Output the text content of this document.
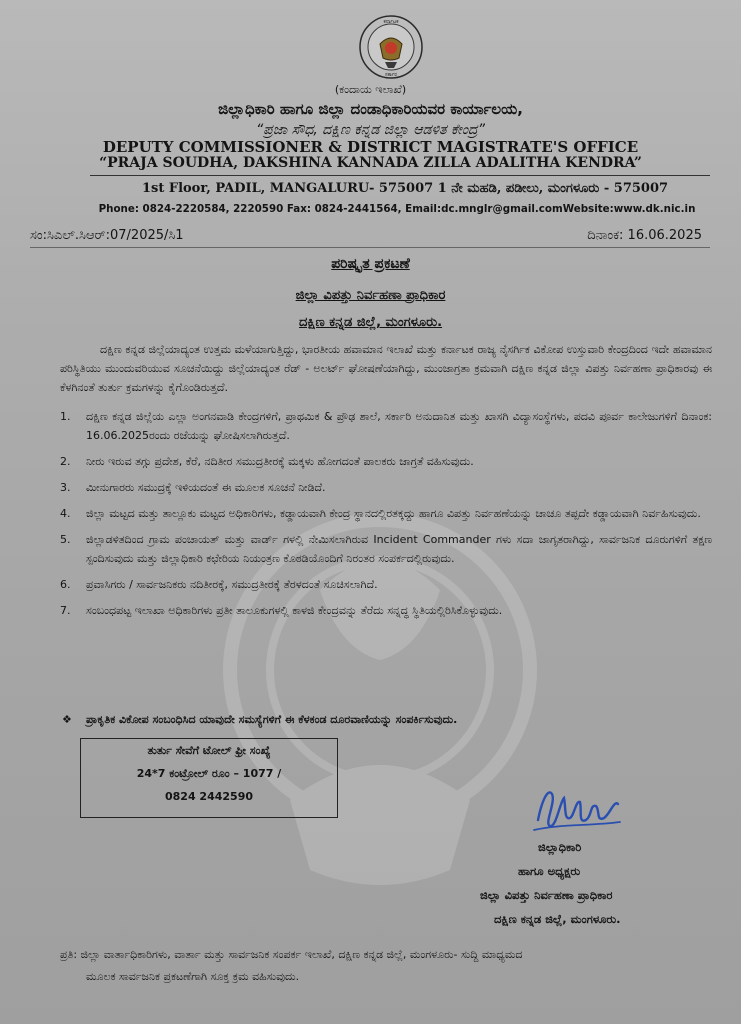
ಕರ್ನಾಟಕ
ಸರ್ಕಾರ
(ಕಂದಾಯ ಇಲಾಖೆ)
ಜಿಲ್ಲಾಧಿಕಾರಿ ಹಾಗೂ ಜಿಲ್ಲಾ ದಂಡಾಧಿಕಾರಿಯವರ ಕಾರ್ಯಾಲಯ,
“ಪ್ರಜಾ ಸೌಧ, ದಕ್ಷಿಣ ಕನ್ನಡ ಜಿಲ್ಲಾ ಆಡಳಿತ ಕೇಂದ್ರ”
DEPUTY COMMISSIONER & DISTRICT MAGISTRATE'S OFFICE
“PRAJA SOUDHA, DAKSHINA KANNADA ZILLA ADALITHA KENDRA”
1st Floor, PADIL, MANGALURU- 575007 1 ನೇ ಮಹಡಿ, ಪಡೀಲು, ಮಂಗಳೂರು - 575007
Phone: 0824-2220584, 2220590 Fax: 0824-2441564, Email:dc.mnglr@gmail.comWebsite:www.dk.nic.in
ಸಂ:ಸಿಎಲ್.ಸಿಆರ್:07/2025/ಸಿ1	ದಿನಾಂಕ: 16.06.2025
ಪರಿಷ್ಕೃತ ಪ್ರಕಟಣೆ
ಜಿಲ್ಲಾ ವಿಪತ್ತು ನಿರ್ವಹಣಾ ಪ್ರಾಧಿಕಾರ
ದಕ್ಷಿಣ ಕನ್ನಡ ಜಿಲ್ಲೆ, ಮಂಗಳೂರು.
ದಕ್ಷಿಣ ಕನ್ನಡ ಜಿಲ್ಲೆಯಾದ್ಯಂತ ಉತ್ತಮ ಮಳೆಯಾಗುತ್ತಿದ್ದು, ಭಾರತೀಯ ಹವಾಮಾನ ಇಲಾಖೆ ಮತ್ತು ಕರ್ನಾಟಕ ರಾಜ್ಯ ನೈಸರ್ಗಿಕ ವಿಕೋಪ ಉಸ್ತುವಾರಿ ಕೇಂದ್ರದಿಂದ ಇದೇ ಹವಾಮಾನ ಪರಿಸ್ಥಿತಿಯು ಮುಂದುವರಿಯುವ ಸೂಚನೆಯಿದ್ದು ಜಿಲ್ಲೆಯಾದ್ಯಂತ ರೆಡ್ - ಅಲರ್ಟ್ ಘೋಷಣೆಯಾಗಿದ್ದು, ಮುಂಜಾಗ್ರತಾ ಕ್ರಮವಾಗಿ ದಕ್ಷಿಣ ಕನ್ನಡ ಜಿಲ್ಲಾ ವಿಪತ್ತು ನಿರ್ವಹಣಾ ಪ್ರಾಧಿಕಾರವು ಈ ಕೆಳಗಿನಂತೆ ತುರ್ತು ಕ್ರಮಗಳನ್ನು ಕೈಗೊಂಡಿರುತ್ತದೆ.
1. ದಕ್ಷಿಣ ಕನ್ನಡ ಜಿಲ್ಲೆಯ ಎಲ್ಲಾ ಅಂಗನವಾಡಿ ಕೇಂದ್ರಗಳಿಗೆ, ಪ್ರಾಥಮಿಕ & ಪ್ರೌಢ ಶಾಲೆ, ಸರ್ಕಾರಿ ಅನುದಾನಿತ ಮತ್ತು ಖಾಸಗಿ ವಿದ್ಯಾಸಂಸ್ಥೆಗಳು, ಪದವಿ ಪೂರ್ವ ಕಾಲೇಜುಗಳಿಗೆ ದಿನಾಂಕ: 16.06.2025ರಂದು ರಜೆಯನ್ನು ಘೋಷಿಸಲಾಗಿರುತ್ತದೆ.
2. ನೀರು ಇರುವ ತಗ್ಗು ಪ್ರದೇಶ, ಕೆರೆ, ನದಿತೀರ ಸಮುದ್ರತೀರಕ್ಕೆ ಮಕ್ಕಳು ಹೋಗದಂತೆ ಪಾಲಕರು ಜಾಗ್ರತೆ ವಹಿಸುವುದು.
3. ಮೀನುಗಾರರು ಸಮುದ್ರಕ್ಕೆ ಇಳಿಯದಂತೆ ಈ ಮೂಲಕ ಸೂಚನೆ ನೀಡಿದೆ.
4. ಜಿಲ್ಲಾ ಮಟ್ಟದ ಮತ್ತು ತಾಲ್ಲೂಕು ಮಟ್ಟದ ಅಧಿಕಾರಿಗಳು, ಕಡ್ಡಾಯವಾಗಿ ಕೇಂದ್ರ ಸ್ಥಾನದಲ್ಲಿರತಕ್ಕದ್ದು ಹಾಗೂ ವಿಪತ್ತು ನಿರ್ವಹಣೆಯನ್ನು ಚಾಚೂ ತಪ್ಪದೇ ಕಡ್ಡಾಯವಾಗಿ ನಿರ್ವಹಿಸುವುದು.
5. ಜಿಲ್ಲಾಡಳಿತದಿಂದ ಗ್ರಾಮ ಪಂಚಾಯತ್ ಮತ್ತು ವಾರ್ಡ್ ಗಳಲ್ಲಿ ನೇಮಿಸಲಾಗಿರುವ Incident Commander ಗಳು ಸದಾ ಜಾಗೃತರಾಗಿದ್ದು, ಸಾರ್ವಜನಿಕ ದೂರುಗಳಿಗೆ ತಕ್ಷಣ ಸ್ಪಂದಿಸುವುದು ಮತ್ತು ಜಿಲ್ಲಾಧಿಕಾರಿ ಕಛೇರಿಯ ನಿಯಂತ್ರಣ ಕೊಠಡಿಯೊಂದಿಗೆ ನಿರಂತರ ಸಂಪರ್ಕದಲ್ಲಿರುವುದು.
6. ಪ್ರವಾಸಿಗರು / ಸಾರ್ವಜನಿಕರು ನದಿತೀರಕ್ಕೆ, ಸಮುದ್ರತೀರಕ್ಕೆ ತೆರಳದಂತೆ ಸೂಚಿಸಲಾಗಿದೆ.
7. ಸಂಬಂಧಪಟ್ಟ ಇಲಾಖಾ ಅಧಿಕಾರಿಗಳು ಪ್ರತೀ ತಾಲೂಕುಗಳಲ್ಲಿ ಕಾಳಜಿ ಕೇಂದ್ರವನ್ನು ತೆರೆದು ಸನ್ನದ್ಧ ಸ್ಥಿತಿಯಲ್ಲಿರಿಸಿಕೊಳ್ಳುವುದು.
❖ ಪ್ರಾಕೃತಿಕ ವಿಕೋಪ ಸಂಬಂಧಿಸಿದ ಯಾವುದೇ ಸಮಸ್ಯೆಗಳಿಗೆ ಈ ಕೆಳಕಂಡ ದೂರವಾಣಿಯನ್ನು ಸಂಪರ್ಕಿಸುವುದು.
ತುರ್ತು ಸೇವೆಗೆ ಟೋಲ್ ಫ್ರೀ ಸಂಖ್ಯೆ
24*7 ಕಂಟ್ರೋಲ್ ರೂಂ – 1077 /
0824 2442590
ಜಿಲ್ಲಾಧಿಕಾರಿ
ಹಾಗೂ ಅಧ್ಯಕ್ಷರು
ಜಿಲ್ಲಾ ವಿಪತ್ತು ನಿರ್ವಹಣಾ ಪ್ರಾಧಿಕಾರ
ದಕ್ಷಿಣ ಕನ್ನಡ ಜಿಲ್ಲೆ, ಮಂಗಳೂರು.
ಪ್ರತಿ: ಜಿಲ್ಲಾ ವಾರ್ತಾಧಿಕಾರಿಗಳು, ವಾರ್ತಾ ಮತ್ತು ಸಾರ್ವಜನಿಕ ಸಂಪರ್ಕ ಇಲಾಖೆ, ದಕ್ಷಿಣ ಕನ್ನಡ ಜಿಲ್ಲೆ, ಮಂಗಳೂರು- ಸುದ್ದಿ ಮಾಧ್ಯಮದ
ಮೂಲಕ ಸಾರ್ವಜನಿಕ ಪ್ರಕಟಣೆಗಾಗಿ ಸೂಕ್ತ ಕ್ರಮ ವಹಿಸುವುದು.
